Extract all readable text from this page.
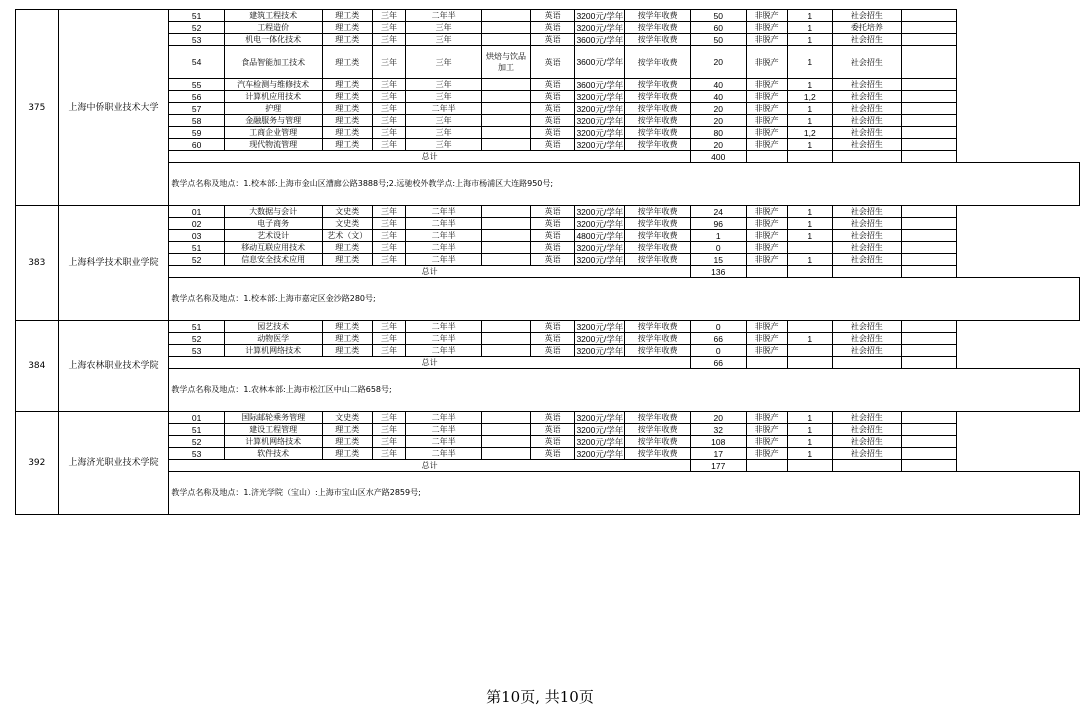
375	上海中侨职业技术大学	51	建筑工程技术	理工类	三年	二年半		英语	3200元/学年	按学年收费	50	非脱产	1	社会招生	
		52	工程造价	理工类	三年	三年		英语	3200元/学年	按学年收费	60	非脱产	1	委托培养	
		53	机电一体化技术	理工类	三年	三年		英语	3600元/学年	按学年收费	50	非脱产	1	社会招生	
		54	食品智能加工技术	理工类	三年	三年	烘焙与饮品加工	英语	3600元/学年	按学年收费	20	非脱产	1	社会招生	
		55	汽车检测与维修技术	理工类	三年	三年		英语	3600元/学年	按学年收费	40	非脱产	1	社会招生	
		56	计算机应用技术	理工类	三年	三年		英语	3200元/学年	按学年收费	40	非脱产	1,2	社会招生	
		57	护理	理工类	三年	二年半		英语	3200元/学年	按学年收费	20	非脱产	1	社会招生	
		58	金融服务与管理	理工类	三年	三年		英语	3200元/学年	按学年收费	20	非脱产	1	社会招生	
		59	工商企业管理	理工类	三年	三年		英语	3200元/学年	按学年收费	80	非脱产	1,2	社会招生	
		60	现代物流管理	理工类	三年	三年		英语	3200元/学年	按学年收费	20	非脱产	1	社会招生	
		总计									400				
		教学点名称及地点：1.校本部:上海市金山区漕廊公路3888号;2.远驰校外教学点:上海市杨浦区大连路950号;													
383	上海科学技术职业学院	01	大数据与会计	文史类	三年	二年半		英语	3200元/学年	按学年收费	24	非脱产	1	社会招生	
		02	电子商务	文史类	三年	二年半		英语	3200元/学年	按学年收费	96	非脱产	1	社会招生	
		03	艺术设计	艺术（文）	三年	二年半		英语	4800元/学年	按学年收费	1	非脱产	1	社会招生	
		51	移动互联应用技术	理工类	三年	二年半		英语	3200元/学年	按学年收费	0	非脱产		社会招生	
		52	信息安全技术应用	理工类	三年	二年半		英语	3200元/学年	按学年收费	15	非脱产	1	社会招生	
		总计									136				
		教学点名称及地点：1.校本部:上海市嘉定区金沙路280号;													
384	上海农林职业技术学院	51	园艺技术	理工类	三年	二年半		英语	3200元/学年	按学年收费	0	非脱产		社会招生	
		52	动物医学	理工类	三年	二年半		英语	3200元/学年	按学年收费	66	非脱产	1	社会招生	
		53	计算机网络技术	理工类	三年	二年半		英语	3200元/学年	按学年收费	0	非脱产		社会招生	
		总计									66				
		教学点名称及地点：1.农林本部:上海市松江区中山二路658号;													
392	上海济光职业技术学院	01	国际邮轮乘务管理	文史类	三年	二年半		英语	3200元/学年	按学年收费	20	非脱产	1	社会招生	
		51	建设工程管理	理工类	三年	二年半		英语	3200元/学年	按学年收费	32	非脱产	1	社会招生	
		52	计算机网络技术	理工类	三年	二年半		英语	3200元/学年	按学年收费	108	非脱产	1	社会招生	
		53	软件技术	理工类	三年	二年半		英语	3200元/学年	按学年收费	17	非脱产	1	社会招生	
		总计									177				
		教学点名称及地点：1.济光学院（宝山）:上海市宝山区水产路2859号;													
第10页, 共10页
